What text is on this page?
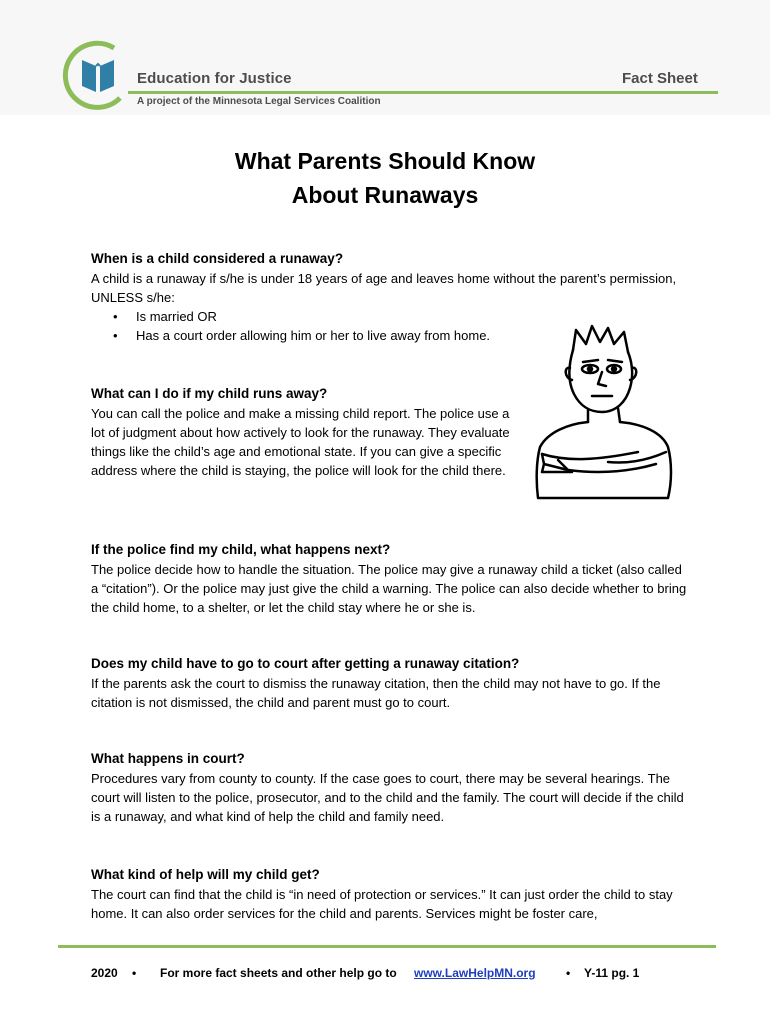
Education for Justice	Fact Sheet
A project of the Minnesota Legal Services Coalition
What Parents Should Know
About Runaways

When is a child considered a runaway?

A child is a runaway if s/he is under 18 years of age and leaves home without the parent’s permission, UNLESS s/he:

• Is married OR
• Has a court order allowing him or her to live away from home.

What can I do if my child runs away?

You can call the police and make a missing child report. The police use a lot of judgment about how actively to look for the runaway. They evaluate things like the child’s age and emotional state. If you can give a specific address where the child is staying, the police will look for the child there.

If the police find my child, what happens next?

The police decide how to handle the situation. The police may give a runaway child a ticket (also called a “citation”). Or the police may just give the child a warning. The police can also decide whether to bring the child home, to a shelter, or let the child stay where he or she is.

Does my child have to go to court after getting a runaway citation?

If the parents ask the court to dismiss the runaway citation, then the child may not have to go. If the citation is not dismissed, the child and parent must go to court.

What happens in court?

Procedures vary from county to county. If the case goes to court, there may be several hearings. The court will listen to the police, prosecutor, and to the child and the family. The court will decide if the child is a runaway, and what kind of help the child and family need.

What kind of help will my child get?

The court can find that the child is “in need of protection or services.” It can just order the child to stay home. It can also order services for the child and parents. Services might be foster care,

2020 • For more fact sheets and other help go to www.LawHelpMN.org	• Y-11 pg. 1
